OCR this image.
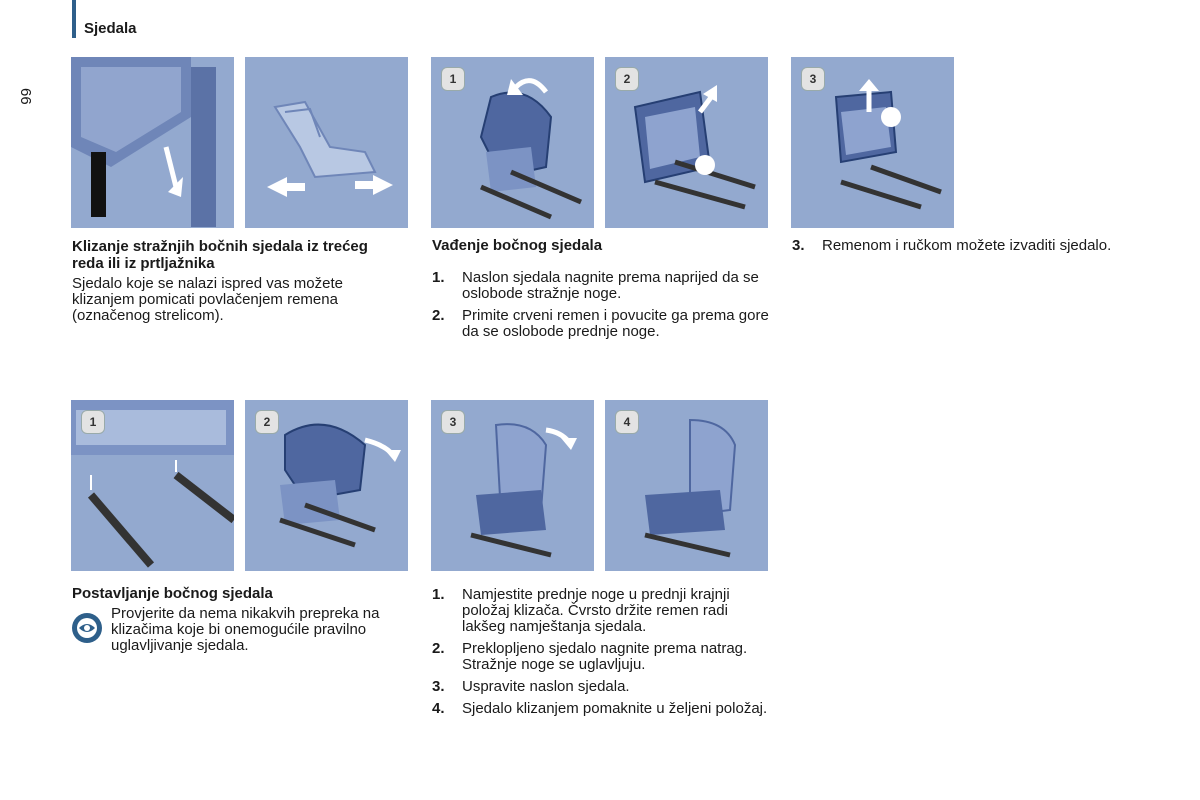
Sjedala
66
1	2	3
Klizanje stražnjih bočnih sjedala iz trećeg reda ili iz prtljažnika
Sjedalo koje se nalazi ispred vas možete klizanjem pomicati povlačenjem remena (označenog strelicom).
Vađenje bočnog sjedala
1. Naslon sjedala nagnite prema naprijed da se oslobode stražnje noge.
2. Primite crveni remen i povucite ga prema gore da se oslobode prednje noge.
3. Remenom i ručkom možete izvaditi sjedalo.
1	2	3	4
Postavljanje bočnog sjedala
Provjerite da nema nikakvih prepreka na klizačima koje bi onemogućile pravilno uglavljivanje sjedala.
1. Namjestite prednje noge u prednji krajnji položaj klizača. Čvrsto držite remen radi lakšeg namještanja sjedala.
2. Preklopljeno sjedalo nagnite prema natrag. Stražnje noge se uglavljuju.
3. Uspravite naslon sjedala.
4. Sjedalo klizanjem pomaknite u željeni položaj.
